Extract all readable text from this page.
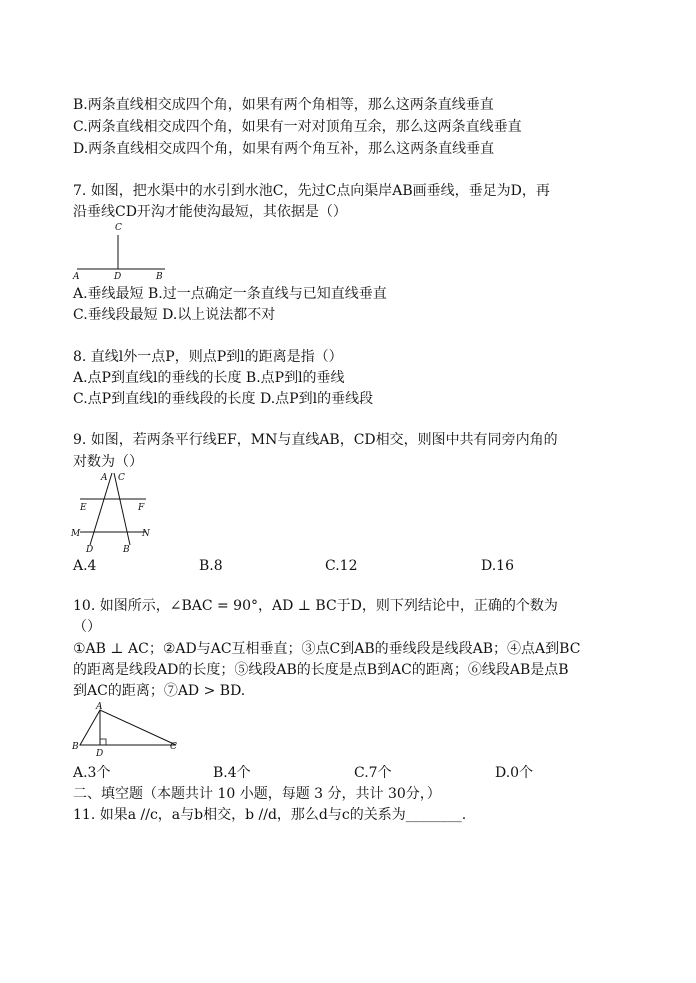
B.两条直线相交成四个角，如果有两个角相等，那么这两条直线垂直
C.两条直线相交成四个角，如果有一对对顶角互余，那么这两条直线垂直
D.两条直线相交成四个角，如果有两个角互补，那么这两条直线垂直
7. 如图，把水渠中的水引到水池C，先过C点向渠岸AB画垂线，垂足为D，再
沿垂线CD开沟才能使沟最短，其依据是（）
C
A	D	B
A.垂线最短 B.过一点确定一条直线与已知直线垂直
C.垂线段最短 D.以上说法都不对
8. 直线l外一点P，则点P到l的距离是指（）
A.点P到直线l的垂线的长度 B.点P到l的垂线
C.点P到直线l的垂线段的长度 D.点P到l的垂线段
9. 如图，若两条平行线EF，MN与直线AB，CD相交，则图中共有同旁内角的
对数为（）
A C
E	F
M	N
D	B
A.4	B.8	C.12	D.16
10. 如图所示，∠BAC = 90°，AD ⊥ BC于D，则下列结论中，正确的个数为
（）
①AB ⊥ AC；②AD与AC互相垂直；③点C到AB的垂线段是线段AB；④点A到BC
的距离是线段AD的长度；⑤线段AB的长度是点B到AC的距离；⑥线段AB是点B
到AC的距离；⑦AD > BD.
A
B
D
C
A.3个	B.4个	C.7个	D.0个
二、填空题（本题共计 10 小题，每题 3 分，共计 30分，）
11. 如果a //c，a与b相交，b //d，那么d与c的关系为________.
